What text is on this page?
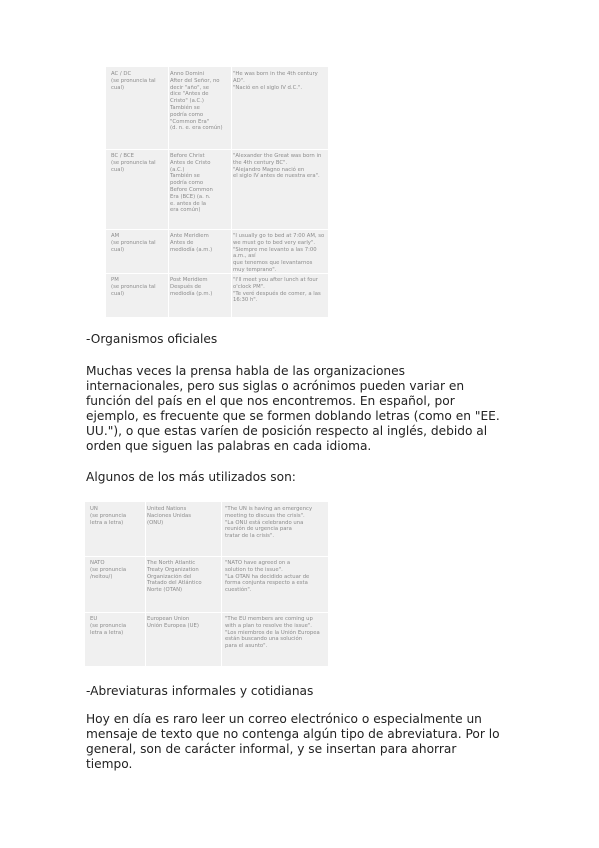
AC / DC
(se pronuncia tal
cual)
Anno Domini
After del Señor, no
decir "año", se
dice "Antes de Cristo" (a.C.)
También se
podría como
"Common Era"
(d. n. e. era común)
"He was born in the 4th century AD".
"Nació en el siglo IV d.C.".
BC / BCE
(se pronuncia tal
cual)
Before Christ
Antes de Cristo
(a.C.)
También se
podría como
Before Common
Era (BCE) (a. n.
e. antes de la
era común)
"Alexander the Great was born in
the 4th century BC".
"Alejandro Magno nació en
el siglo IV antes de nuestra era".
AM
(se pronuncia tal
cual)
Ante Meridiem
Antes de
mediodía (a.m.)
"I usually go to bed at 7:00 AM, so
we must go to bed very early".
"Siempre me levanto a las 7:00 a.m., así
que tenemos que levantarnos
muy temprano".
PM
(se pronuncia tal
cual)
Post Meridiem
Después de
mediodía (p.m.)
"I'll meet you after lunch at four
o'clock PM".
"Te veré después de comer, a las
16:30 h".
-Organismos oficiales
Muchas veces la prensa habla de las organizaciones internacionales, pero sus siglas o acrónimos pueden variar en función del país en el que nos encontremos. En español, por ejemplo, es frecuente que se formen doblando letras (como en "EE. UU."), o que estas varíen de posición respecto al inglés, debido al orden que siguen las palabras en cada idioma.
Algunos de los más utilizados son:
UN
(se pronuncia
letra a letra)
United Nations
Naciones Unidas
(ONU)
"The UN is having an emergency
meeting to discuss the crisis".
"La ONU está celebrando una
reunión de urgencia para
tratar de la crisis".
NATO
(se pronuncia
/neitou/)
The North Atlantic
Treaty Organization
Organización del
Tratado del Atlántico
Norte (OTAN)
"NATO have agreed on a
solution to the issue".
"La OTAN ha decidido actuar de
forma conjunta respecto a esta
cuestión".
EU
(se pronuncia
letra a letra)
European Union
Unión Europea (UE)
"The EU members are coming up
with a plan to resolve the issue".
"Los miembros de la Unión Europea
están buscando una solución
para el asunto".
-Abreviaturas informales y cotidianas
Hoy en día es raro leer un correo electrónico o especialmente un mensaje de texto que no contenga algún tipo de abreviatura. Por lo general, son de carácter informal, y se insertan para ahorrar tiempo.
